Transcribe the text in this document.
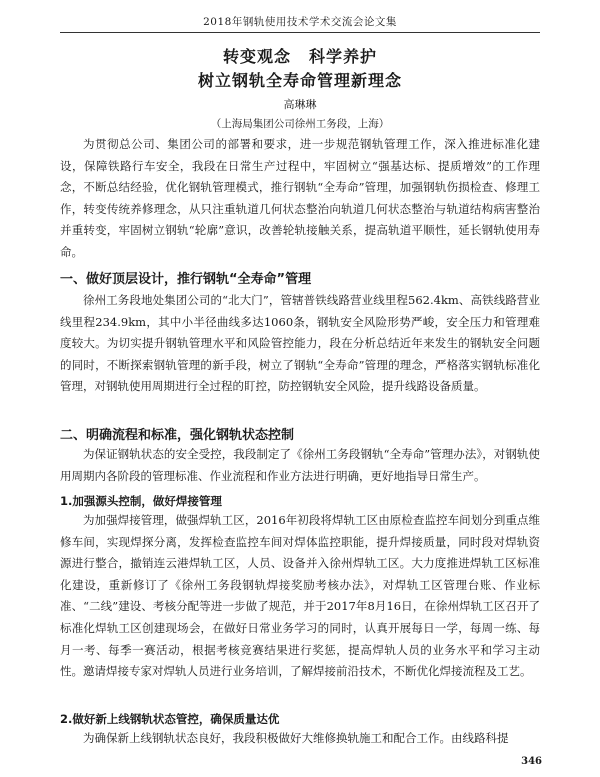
2018年钢轨使用技术学术交流会论文集
转变观念 科学养护
树立钢轨全寿命管理新理念
高琳琳
（上海局集团公司徐州工务段，上海）

为贯彻总公司、集团公司的部署和要求，进一步规范钢轨管理工作，深入推进标准化建设，保障铁路行车安全，我段在日常生产过程中，牢固树立“强基达标、提质增效”的工作理念，不断总结经验，优化钢轨管理模式，推行钢轨“全寿命”管理，加强钢轨伤损检查、修理工作，转变传统养修理念，从只注重轨道几何状态整治向轨道几何状态整治与轨道结构病害整治并重转变，牢固树立钢轨“轮廓”意识，改善轮轨接触关系，提高轨道平顺性，延长钢轨使用寿命。

一、做好顶层设计，推行钢轨“全寿命”管理

徐州工务段地处集团公司的“北大门”，管辖普铁线路营业线里程562.4km、高铁线路营业线里程234.9km，其中小半径曲线多达1060条，钢轨安全风险形势严峻，安全压力和管理难度较大。为切实提升钢轨管理水平和风险管控能力，段在分析总结近年来发生的钢轨安全问题的同时，不断探索钢轨管理的新手段，树立了钢轨“全寿命”管理的理念，严格落实钢轨标准化管理，对钢轨使用周期进行全过程的盯控，防控钢轨安全风险，提升线路设备质量。

二、明确流程和标准，强化钢轨状态控制

为保证钢轨状态的安全受控，我段制定了《徐州工务段钢轨“全寿命”管理办法》，对钢轨使用周期内各阶段的管理标准、作业流程和作业方法进行明确，更好地指导日常生产。

1.加强源头控制，做好焊接管理

为加强焊接管理，做强焊轨工区，2016年初段将焊轨工区由原检查监控车间划分到重点维修车间，实现焊探分离，发挥检查监控车间对焊体监控职能，提升焊接质量，同时段对焊轨资源进行整合，撤销连云港焊轨工区，人员、设备并入徐州焊轨工区。大力度推进焊轨工区标准化建设，重新修订了《徐州工务段钢轨焊接奖励考核办法》，对焊轨工区管理台账、作业标准、“二线”建设、考核分配等进一步做了规范，并于2017年8月16日，在徐州焊轨工区召开了标准化焊轨工区创建现场会，在做好日常业务学习的同时，认真开展每日一学，每周一练、每月一考、每季一赛活动，根据考核竞赛结果进行奖惩，提高焊轨人员的业务水平和学习主动性。邀请焊接专家对焊轨人员进行业务培训，了解焊接前沿技术，不断优化焊接流程及工艺。

2.做好新上线钢轨状态管控，确保质量达优

为确保新上线钢轨状态良好，我段积极做好大维修换轨施工和配合工作。由线路科提

346
